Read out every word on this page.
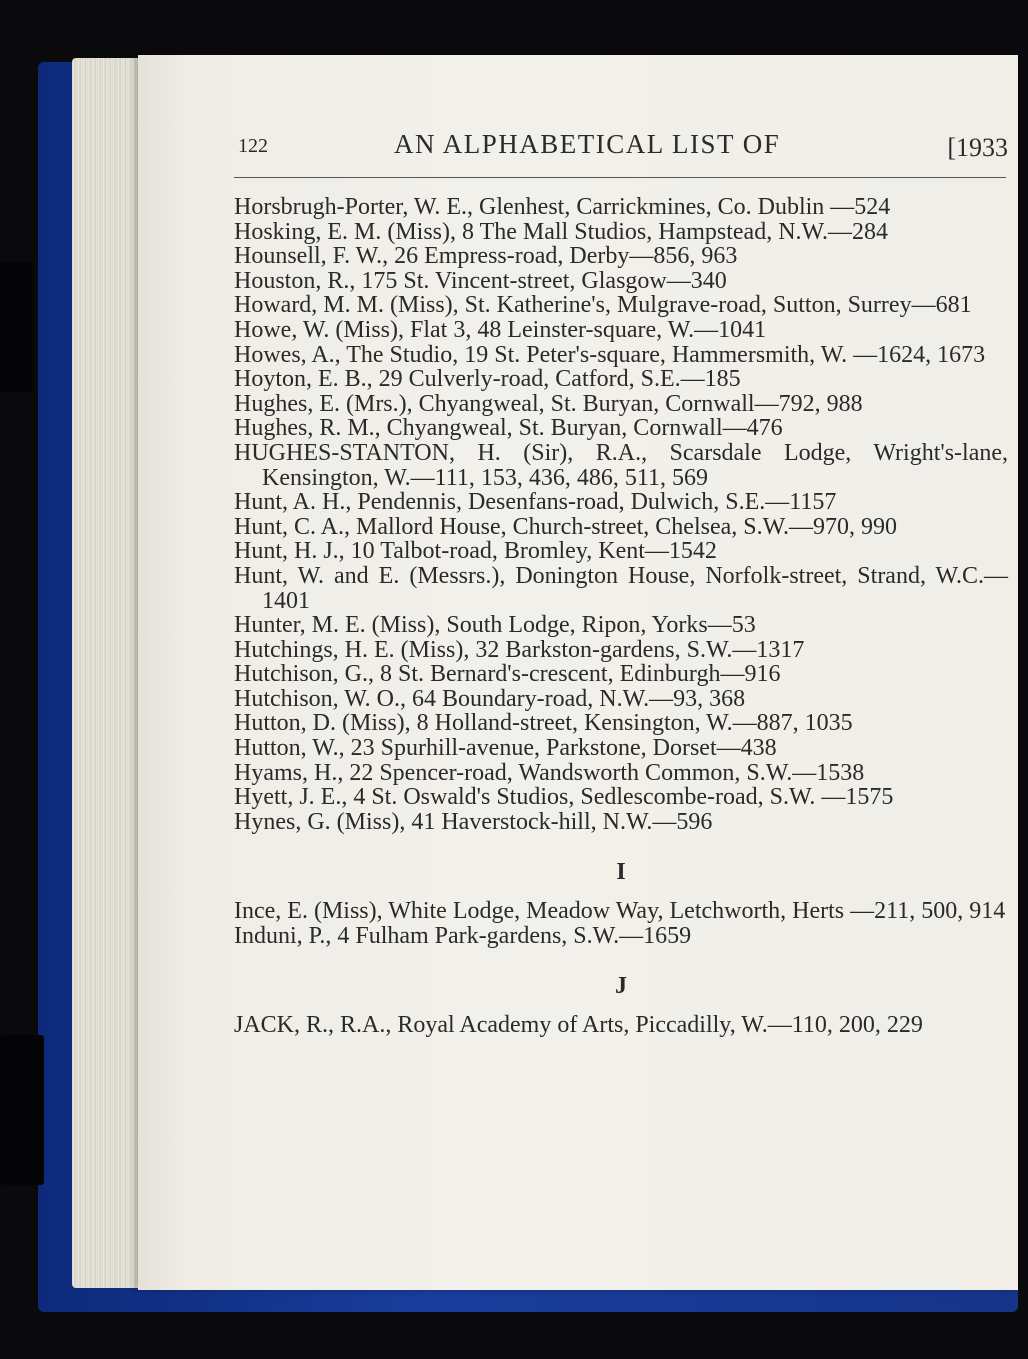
122	AN ALPHABETICAL LIST OF	[1933
Horsbrugh-Porter, W. E., Glenhest, Carrickmines, Co. Dublin —524
Hosking, E. M. (Miss), 8 The Mall Studios, Hampstead, N.W.—284
Hounsell, F. W., 26 Empress-road, Derby—856, 963
Houston, R., 175 St. Vincent-street, Glasgow—340
Howard, M. M. (Miss), St. Katherine's, Mulgrave-road, Sutton, Surrey—681
Howe, W. (Miss), Flat 3, 48 Leinster-square, W.—1041
Howes, A., The Studio, 19 St. Peter's-square, Hammersmith, W. —1624, 1673
Hoyton, E. B., 29 Culverly-road, Catford, S.E.—185
Hughes, E. (Mrs.), Chyangweal, St. Buryan, Cornwall—792, 988
Hughes, R. M., Chyangweal, St. Buryan, Cornwall—476
HUGHES-STANTON, H. (Sir), R.A., Scarsdale Lodge, Wright's-lane, Kensington, W.—111, 153, 436, 486, 511, 569
Hunt, A. H., Pendennis, Desenfans-road, Dulwich, S.E.—1157
Hunt, C. A., Mallord House, Church-street, Chelsea, S.W.—970, 990
Hunt, H. J., 10 Talbot-road, Bromley, Kent—1542
Hunt, W. and E. (Messrs.), Donington House, Norfolk-street, Strand, W.C.—1401
Hunter, M. E. (Miss), South Lodge, Ripon, Yorks—53
Hutchings, H. E. (Miss), 32 Barkston-gardens, S.W.—1317
Hutchison, G., 8 St. Bernard's-crescent, Edinburgh—916
Hutchison, W. O., 64 Boundary-road, N.W.—93, 368
Hutton, D. (Miss), 8 Holland-street, Kensington, W.—887, 1035
Hutton, W., 23 Spurhill-avenue, Parkstone, Dorset—438
Hyams, H., 22 Spencer-road, Wandsworth Common, S.W.—1538
Hyett, J. E., 4 St. Oswald's Studios, Sedlescombe-road, S.W. —1575
Hynes, G. (Miss), 41 Haverstock-hill, N.W.—596
I
Ince, E. (Miss), White Lodge, Meadow Way, Letchworth, Herts —211, 500, 914
Induni, P., 4 Fulham Park-gardens, S.W.—1659
J
JACK, R., R.A., Royal Academy of Arts, Piccadilly, W.—110, 200, 229
